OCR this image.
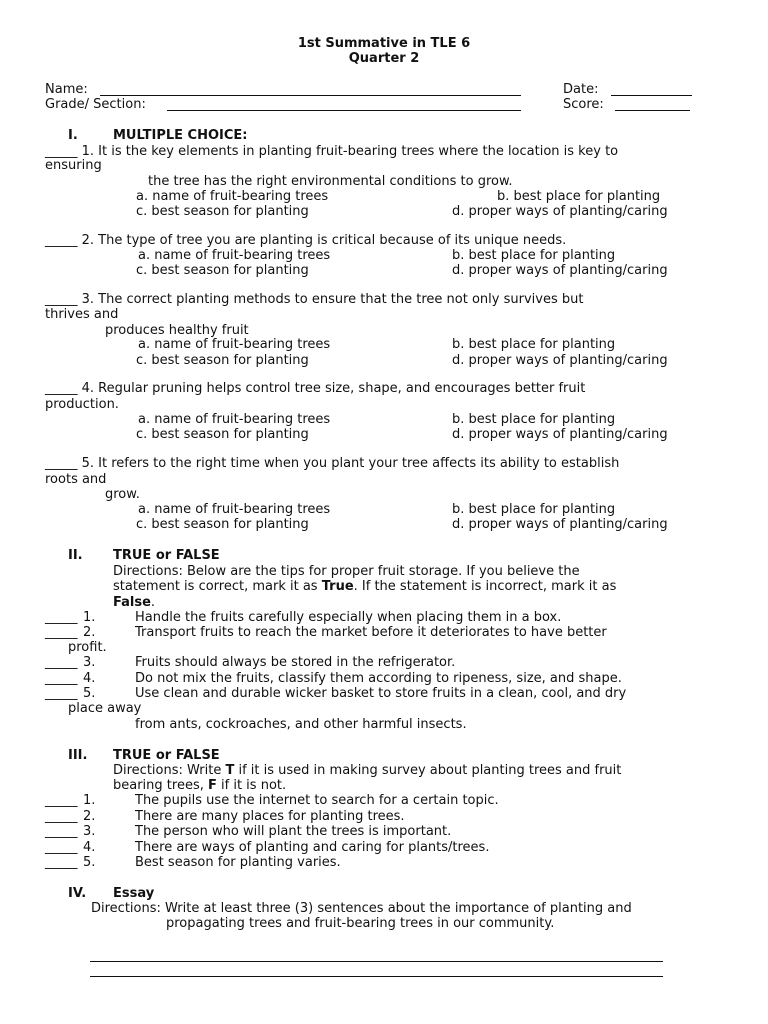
1st Summative in TLE 6
Quarter 2
Name:	Date:
Grade/ Section:	Score:
I.	MULTIPLE CHOICE:
_____ 1. It is the key elements in planting fruit-bearing trees where the location is key to
ensuring
the tree has the right environmental conditions to grow.
a. name of fruit-bearing trees	b. best place for planting
c. best season for planting	d. proper ways of planting/caring
_____ 2. The type of tree you are planting is critical because of its unique needs.
a. name of fruit-bearing trees	b. best place for planting
c. best season for planting	d. proper ways of planting/caring
_____ 3. The correct planting methods to ensure that the tree not only survives but
thrives and
produces healthy fruit
a. name of fruit-bearing trees	b. best place for planting
c. best season for planting	d. proper ways of planting/caring
_____ 4. Regular pruning helps control tree size, shape, and encourages better fruit
production.
a. name of fruit-bearing trees	b. best place for planting
c. best season for planting	d. proper ways of planting/caring
_____ 5. It refers to the right time when you plant your tree affects its ability to establish
roots and
grow.
a. name of fruit-bearing trees	b. best place for planting
c. best season for planting	d. proper ways of planting/caring
II. TRUE or FALSE
Directions: Below are the tips for proper fruit storage. If you believe the
statement is correct, mark it as True. If the statement is incorrect, mark it as
False.
_____ 1.	Handle the fruits carefully especially when placing them in a box.
_____ 2.	Transport fruits to reach the market before it deteriorates to have better
profit.
_____ 3.	Fruits should always be stored in the refrigerator.
_____ 4.	Do not mix the fruits, classify them according to ripeness, size, and shape.
_____ 5.	Use clean and durable wicker basket to store fruits in a clean, cool, and dry
place away
from ants, cockroaches, and other harmful insects.
III. TRUE or FALSE
Directions: Write T if it is used in making survey about planting trees and fruit
bearing trees, F if it is not.
_____ 1.	The pupils use the internet to search for a certain topic.
_____ 2.	There are many places for planting trees.
_____ 3.	The person who will plant the trees is important.
_____ 4.	There are ways of planting and caring for plants/trees.
_____ 5.	Best season for planting varies.
IV. Essay
Directions: Write at least three (3) sentences about the importance of planting and
propagating trees and fruit-bearing trees in our community.
